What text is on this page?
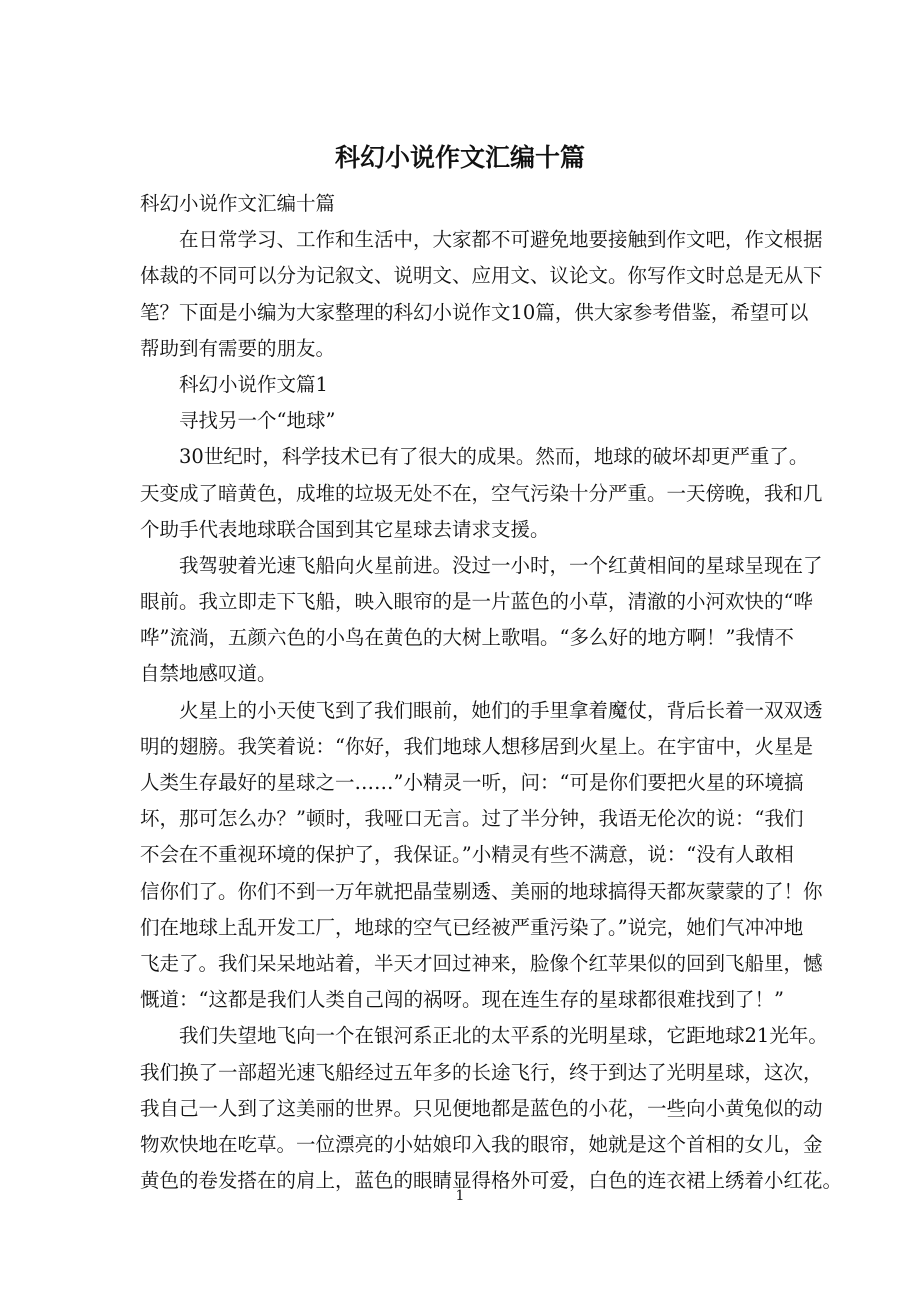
科幻小说作文汇编十篇
科幻小说作文汇编十篇
在日常学习、工作和生活中，大家都不可避免地要接触到作文吧，作文根据
体裁的不同可以分为记叙文、说明文、应用文、议论文。你写作文时总是无从下
笔？下面是小编为大家整理的科幻小说作文10篇，供大家参考借鉴，希望可以
帮助到有需要的朋友。
科幻小说作文篇1
寻找另一个“地球”
30世纪时，科学技术已有了很大的成果。然而，地球的破坏却更严重了。
天变成了暗黄色，成堆的垃圾无处不在，空气污染十分严重。一天傍晚，我和几
个助手代表地球联合国到其它星球去请求支援。
我驾驶着光速飞船向火星前进。没过一小时，一个红黄相间的星球呈现在了
眼前。我立即走下飞船，映入眼帘的是一片蓝色的小草，清澈的小河欢快的“哗
哗”流淌，五颜六色的小鸟在黄色的大树上歌唱。“多么好的地方啊！”我情不
自禁地感叹道。
火星上的小天使飞到了我们眼前，她们的手里拿着魔仗，背后长着一双双透
明的翅膀。我笑着说：“你好，我们地球人想移居到火星上。在宇宙中，火星是
人类生存最好的星球之一……”小精灵一听，问：“可是你们要把火星的环境搞
坏，那可怎么办？”顿时，我哑口无言。过了半分钟，我语无伦次的说：“我们
不会在不重视环境的保护了，我保证。”小精灵有些不满意，说：“没有人敢相
信你们了。你们不到一万年就把晶莹剔透、美丽的地球搞得天都灰蒙蒙的了！你
们在地球上乱开发工厂，地球的空气已经被严重污染了。”说完，她们气冲冲地
飞走了。我们呆呆地站着，半天才回过神来，脸像个红苹果似的回到飞船里，憾
慨道：“这都是我们人类自己闯的祸呀。现在连生存的星球都很难找到了！”
我们失望地飞向一个在银河系正北的太平系的光明星球，它距地球21光年。
我们换了一部超光速飞船经过五年多的长途飞行，终于到达了光明星球，这次，
我自己一人到了这美丽的世界。只见便地都是蓝色的小花，一些向小黄兔似的动
物欢快地在吃草。一位漂亮的小姑娘印入我的眼帘，她就是这个首相的女儿，金
黄色的卷发搭在的肩上，蓝色的眼睛显得格外可爱，白色的连衣裙上绣着小红花。
1
